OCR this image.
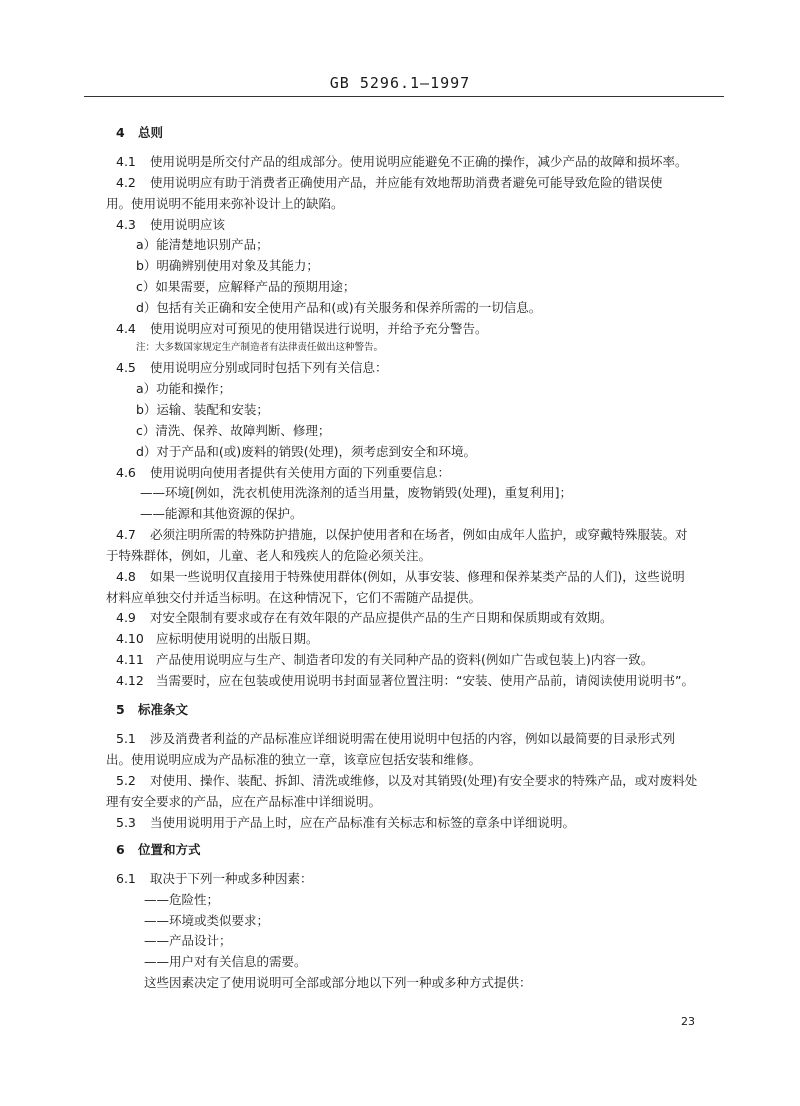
GB 5296.1—1997
4 总则
4.1 使用说明是所交付产品的组成部分。使用说明应能避免不正确的操作，减少产品的故障和损坏率。
4.2 使用说明应有助于消费者正确使用产品，并应能有效地帮助消费者避免可能导致危险的错误使
用。使用说明不能用来弥补设计上的缺陷。
4.3 使用说明应该
a）能清楚地识别产品；
b）明确辨别使用对象及其能力；
c）如果需要，应解释产品的预期用途；
d）包括有关正确和安全使用产品和(或)有关服务和保养所需的一切信息。
4.4 使用说明应对可预见的使用错误进行说明，并给予充分警告。
注：大多数国家规定生产制造者有法律责任做出这种警告。
4.5 使用说明应分别或同时包括下列有关信息：
a）功能和操作；
b）运输、装配和安装；
c）清洗、保养、故障判断、修理；
d）对于产品和(或)废料的销毁(处理)，须考虑到安全和环境。
4.6 使用说明向使用者提供有关使用方面的下列重要信息：
——环境[例如，洗衣机使用洗涤剂的适当用量，废物销毁(处理)，重复利用]；
——能源和其他资源的保护。
4.7 必须注明所需的特殊防护措施，以保护使用者和在场者，例如由成年人监护，或穿戴特殊服装。对
于特殊群体，例如，儿童、老人和残疾人的危险必须关注。
4.8 如果一些说明仅直接用于特殊使用群体(例如，从事安装、修理和保养某类产品的人们)，这些说明
材料应单独交付并适当标明。在这种情况下，它们不需随产品提供。
4.9 对安全限制有要求或存在有效年限的产品应提供产品的生产日期和保质期或有效期。
4.10 应标明使用说明的出版日期。
4.11 产品使用说明应与生产、制造者印发的有关同种产品的资料(例如广告或包装上)内容一致。
4.12 当需要时，应在包装或使用说明书封面显著位置注明：“安装、使用产品前，请阅读使用说明书”。
5 标准条文
5.1 涉及消费者利益的产品标准应详细说明需在使用说明中包括的内容，例如以最简要的目录形式列
出。使用说明应成为产品标准的独立一章，该章应包括安装和维修。
5.2 对使用、操作、装配、拆卸、清洗或维修，以及对其销毁(处理)有安全要求的特殊产品，或对废料处
理有安全要求的产品，应在产品标准中详细说明。
5.3 当使用说明用于产品上时，应在产品标准有关标志和标签的章条中详细说明。
6 位置和方式
6.1 取决于下列一种或多种因素：
——危险性；
——环境或类似要求；
——产品设计；
——用户对有关信息的需要。
这些因素决定了使用说明可全部或部分地以下列一种或多种方式提供：
23
